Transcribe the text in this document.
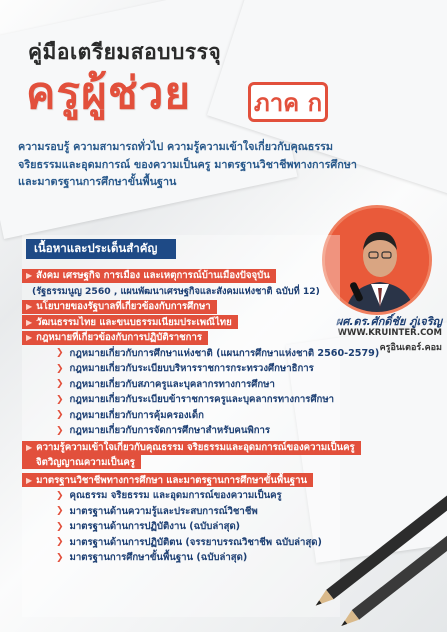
คู่มือเตรียมสอบบรรจุ
ครูผู้ช่วย	ภาค ก
ความรอบรู้ ความสามารถทั่วไป ความรู้ความเข้าใจเกี่ยวกับคุณธรรม
จริยธรรมและอุดมการณ์ ของความเป็นครู มาตรฐานวิชาชีพทางการศึกษา
และมาตรฐานการศึกษาขั้นพื้นฐาน
ผศ.ดร.ศักดิ์ชัย ภู่เจริญ
WWW.KRUINTER.COM
ครูอินเตอร์.คอม
เนื้อหาและประเด็นสำคัญ
▶ สังคม เศรษฐกิจ การเมือง และเหตุการณ์บ้านเมืองปัจจุบัน
(รัฐธรรมนูญ 2560 , แผนพัฒนาเศรษฐกิจและสังคมแห่งชาติ ฉบับที่ 12)
▶ นโยบายของรัฐบาลที่เกี่ยวข้องกับการศึกษา
▶ วัฒนธรรมไทย และขนบธรรมเนียมประเพณีไทย
▶ กฎหมายที่เกี่ยวข้องกับการปฏิบัติราชการ
❯ กฎหมายเกี่ยวกับการศึกษาแห่งชาติ (แผนการศึกษาแห่งชาติ 2560-2579)
❯ กฎหมายเกี่ยวกับระเบียบบริหารราชการกระทรวงศึกษาธิการ
❯ กฎหมายเกี่ยวกับสภาครูและบุคลากรทางการศึกษา
❯ กฎหมายเกี่ยวกับระเบียบข้าราชการครูและบุคลากรทางการศึกษา
❯ กฎหมายเกี่ยวกับการคุ้มครองเด็ก
❯ กฎหมายเกี่ยวกับการจัดการศึกษาสำหรับคนพิการ
▶ ความรู้ความเข้าใจเกี่ยวกับคุณธรรม จริยธรรมและอุดมการณ์ของความเป็นครู
จิตวิญญาณความเป็นครู
▶ มาตรฐานวิชาชีพทางการศึกษา และมาตรฐานการศึกษาขั้นพื้นฐาน
❯ คุณธรรม จริยธรรม และอุดมการณ์ของความเป็นครู
❯ มาตรฐานด้านความรู้และประสบการณ์วิชาชีพ
❯ มาตรฐานด้านการปฏิบัติงาน (ฉบับล่าสุด)
❯ มาตรฐานด้านการปฏิบัติตน (จรรยาบรรณวิชาชีพ ฉบับล่าสุด)
❯ มาตรฐานการศึกษาขั้นพื้นฐาน (ฉบับล่าสุด)
